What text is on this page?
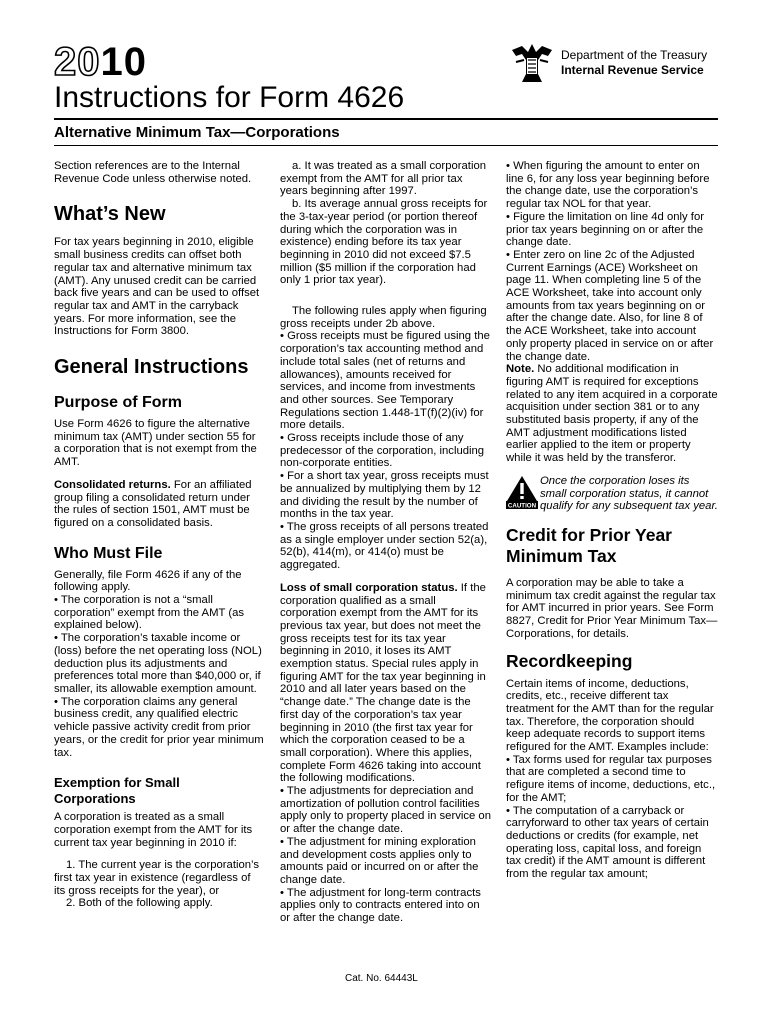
2010
Instructions for Form 4626
Alternative Minimum Tax—Corporations
Department of the Treasury
Internal Revenue Service

Section references are to the Internal Revenue Code unless otherwise noted.

What’s New

For tax years beginning in 2010, eligible small business credits can offset both regular tax and alternative minimum tax (AMT). Any unused credit can be carried back five years and can be used to offset regular tax and AMT in the carryback years. For more information, see the Instructions for Form 3800.

General Instructions
Purpose of Form

Use Form 4626 to figure the alternative minimum tax (AMT) under section 55 for a corporation that is not exempt from the AMT.

Consolidated returns. For an affiliated group filing a consolidated return under the rules of section 1501, AMT must be figured on a consolidated basis.

Who Must File

Generally, file Form 4626 if any of the following apply.

• The corporation is not a “small corporation” exempt from the AMT (as explained below).

• The corporation’s taxable income or (loss) before the net operating loss (NOL) deduction plus its adjustments and preferences total more than $40,000 or, if smaller, its allowable exemption amount.

• The corporation claims any general business credit, any qualified electric vehicle passive activity credit from prior years, or the credit for prior year minimum tax.

Exemption for Small Corporations

A corporation is treated as a small corporation exempt from the AMT for its current tax year beginning in 2010 if:

1. The current year is the corporation’s first tax year in existence (regardless of its gross receipts for the year), or

2. Both of the following apply.

a. It was treated as a small corporation exempt from the AMT for all prior tax years beginning after 1997.

b. Its average annual gross receipts for the 3-tax-year period (or portion thereof during which the corporation was in existence) ending before its tax year beginning in 2010 did not exceed $7.5 million ($5 million if the corporation had only 1 prior tax year).

The following rules apply when figuring gross receipts under 2b above.

• Gross receipts must be figured using the corporation’s tax accounting method and include total sales (net of returns and allowances), amounts received for services, and income from investments and other sources. See Temporary Regulations section 1.448-1T(f)(2)(iv) for more details.

• Gross receipts include those of any predecessor of the corporation, including non-corporate entities.

• For a short tax year, gross receipts must be annualized by multiplying them by 12 and dividing the result by the number of months in the tax year.

• The gross receipts of all persons treated as a single employer under section 52(a), 52(b), 414(m), or 414(o) must be aggregated.

Loss of small corporation status. If the corporation qualified as a small corporation exempt from the AMT for its previous tax year, but does not meet the gross receipts test for its tax year beginning in 2010, it loses its AMT exemption status. Special rules apply in figuring AMT for the tax year beginning in 2010 and all later years based on the “change date.” The change date is the first day of the corporation’s tax year beginning in 2010 (the first tax year for which the corporation ceased to be a small corporation). Where this applies, complete Form 4626 taking into account the following modifications.

• The adjustments for depreciation and amortization of pollution control facilities apply only to property placed in service on or after the change date.

• The adjustment for mining exploration and development costs applies only to amounts paid or incurred on or after the change date.

• The adjustment for long-term contracts applies only to contracts entered into on or after the change date.

• When figuring the amount to enter on line 6, for any loss year beginning before the change date, use the corporation’s regular tax NOL for that year.

• Figure the limitation on line 4d only for prior tax years beginning on or after the change date.

• Enter zero on line 2c of the Adjusted Current Earnings (ACE) Worksheet on page 11. When completing line 5 of the ACE Worksheet, take into account only amounts from tax years beginning on or after the change date. Also, for line 8 of the ACE Worksheet, take into account only property placed in service on or after the change date.

Note. No additional modification in figuring AMT is required for exceptions related to any item acquired in a corporate acquisition under section 381 or to any substituted basis property, if any of the AMT adjustment modifications listed earlier applied to the item or property while it was held by the transferor.

CAUTION
Once the corporation loses its small corporation status, it cannot qualify for any subsequent tax year.
Credit for Prior Year Minimum Tax

A corporation may be able to take a minimum tax credit against the regular tax for AMT incurred in prior years. See Form 8827, Credit for Prior Year Minimum Tax—Corporations, for details.

Recordkeeping

Certain items of income, deductions, credits, etc., receive different tax treatment for the AMT than for the regular tax. Therefore, the corporation should keep adequate records to support items refigured for the AMT. Examples include:

• Tax forms used for regular tax purposes that are completed a second time to refigure items of income, deductions, etc., for the AMT;

• The computation of a carryback or carryforward to other tax years of certain deductions or credits (for example, net operating loss, capital loss, and foreign tax credit) if the AMT amount is different from the regular tax amount;

Cat. No. 64443L
